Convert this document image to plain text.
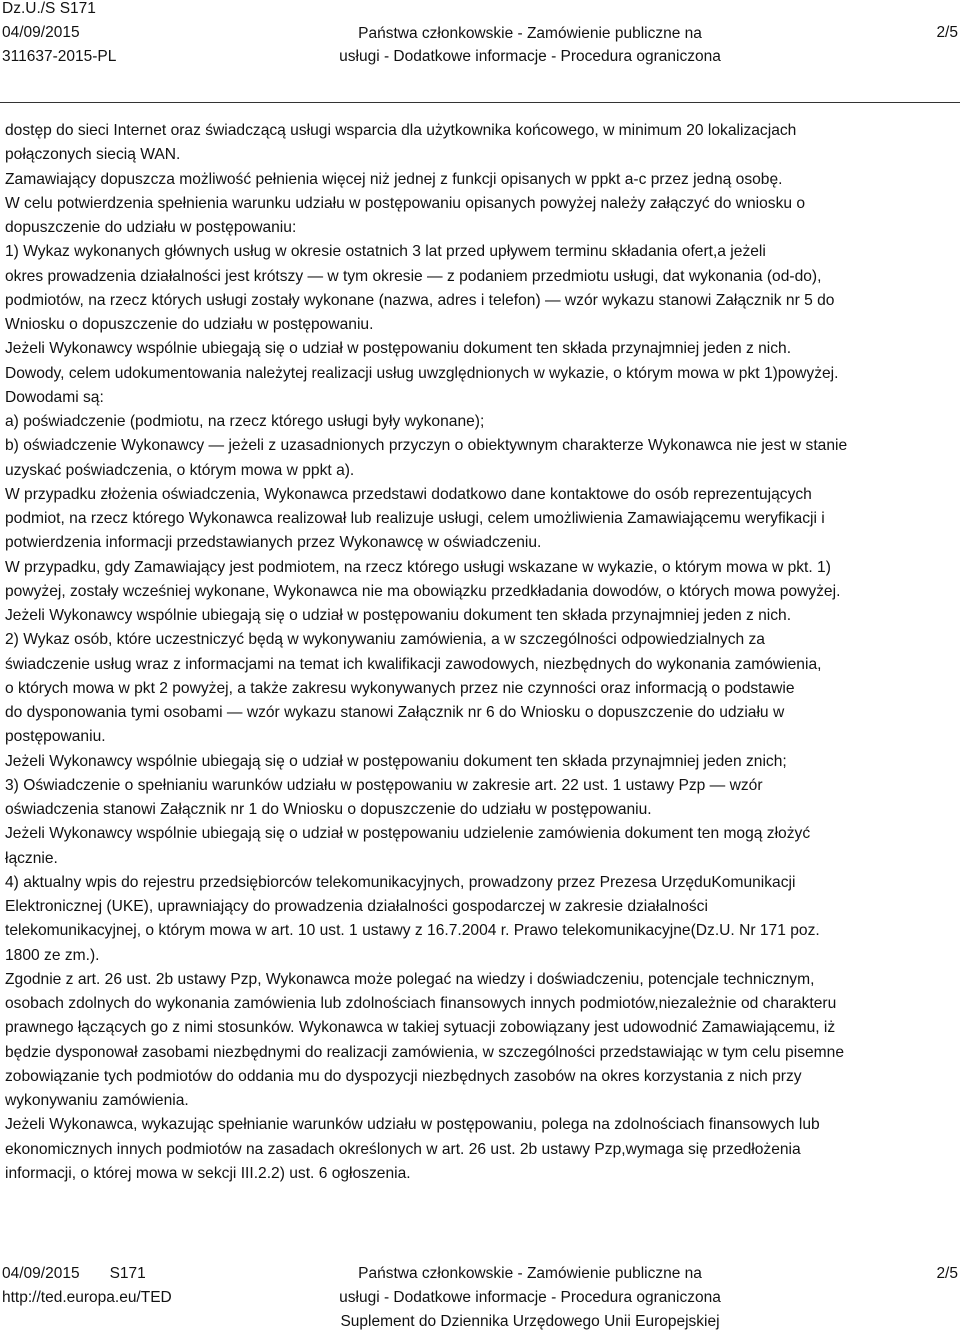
Dz.U./S S171
04/09/2015
311637-2015-PL
Państwa członkowskie - Zamówienie publiczne na
usługi - Dodatkowe informacje - Procedura ograniczona
2/5

dostęp do sieci Internet oraz świadczącą usługi wsparcia dla użytkownika końcowego, w minimum 20 lokalizacjach

połączonych siecią WAN.

Zamawiający dopuszcza możliwość pełnienia więcej niż jednej z funkcji opisanych w ppkt a-c przez jedną osobę.

W celu potwierdzenia spełnienia warunku udziału w postępowaniu opisanych powyżej należy załączyć do wniosku o

dopuszczenie do udziału w postępowaniu:

1) Wykaz wykonanych głównych usług w okresie ostatnich 3 lat przed upływem terminu składania ofert,a jeżeli

okres prowadzenia działalności jest krótszy — w tym okresie — z podaniem przedmiotu usługi, dat wykonania (od-do),

podmiotów, na rzecz których usługi zostały wykonane (nazwa, adres i telefon) — wzór wykazu stanowi Załącznik nr 5 do

Wniosku o dopuszczenie do udziału w postępowaniu.

Jeżeli Wykonawcy wspólnie ubiegają się o udział w postępowaniu dokument ten składa przynajmniej jeden z nich.

Dowody, celem udokumentowania należytej realizacji usług uwzględnionych w wykazie, o którym mowa w pkt 1)powyżej.

Dowodami są:

a) poświadczenie (podmiotu, na rzecz którego usługi były wykonane);

b) oświadczenie Wykonawcy — jeżeli z uzasadnionych przyczyn o obiektywnym charakterze Wykonawca nie jest w stanie

uzyskać poświadczenia, o którym mowa w ppkt a).

W przypadku złożenia oświadczenia, Wykonawca przedstawi dodatkowo dane kontaktowe do osób reprezentujących

podmiot, na rzecz którego Wykonawca realizował lub realizuje usługi, celem umożliwienia Zamawiającemu weryfikacji i

potwierdzenia informacji przedstawianych przez Wykonawcę w oświadczeniu.

W przypadku, gdy Zamawiający jest podmiotem, na rzecz którego usługi wskazane w wykazie, o którym mowa w pkt. 1)

powyżej, zostały wcześniej wykonane, Wykonawca nie ma obowiązku przedkładania dowodów, o których mowa powyżej.

Jeżeli Wykonawcy wspólnie ubiegają się o udział w postępowaniu dokument ten składa przynajmniej jeden z nich.

2) Wykaz osób, które uczestniczyć będą w wykonywaniu zamówienia, a w szczególności odpowiedzialnych za

świadczenie usług wraz z informacjami na temat ich kwalifikacji zawodowych, niezbędnych do wykonania zamówienia,

o których mowa w pkt 2 powyżej, a także zakresu wykonywanych przez nie czynności oraz informacją o podstawie

do dysponowania tymi osobami — wzór wykazu stanowi Załącznik nr 6 do Wniosku o dopuszczenie do udziału w

postępowaniu.

Jeżeli Wykonawcy wspólnie ubiegają się o udział w postępowaniu dokument ten składa przynajmniej jeden znich;

3) Oświadczenie o spełnianiu warunków udziału w postępowaniu w zakresie art. 22 ust. 1 ustawy Pzp — wzór

oświadczenia stanowi Załącznik nr 1 do Wniosku o dopuszczenie do udziału w postępowaniu.

Jeżeli Wykonawcy wspólnie ubiegają się o udział w postępowaniu udzielenie zamówienia dokument ten mogą złożyć

łącznie.

4) aktualny wpis do rejestru przedsiębiorców telekomunikacyjnych, prowadzony przez Prezesa UrzęduKomunikacji

Elektronicznej (UKE), uprawniający do prowadzenia działalności gospodarczej w zakresie działalności

telekomunikacyjnej, o którym mowa w art. 10 ust. 1 ustawy z 16.7.2004 r. Prawo telekomunikacyjne(Dz.U. Nr 171 poz.

1800 ze zm.).

Zgodnie z art. 26 ust. 2b ustawy Pzp, Wykonawca może polegać na wiedzy i doświadczeniu, potencjale technicznym,

osobach zdolnych do wykonania zamówienia lub zdolnościach finansowych innych podmiotów,niezależnie od charakteru

prawnego łączących go z nimi stosunków. Wykonawca w takiej sytuacji zobowiązany jest udowodnić Zamawiającemu, iż

będzie dysponował zasobami niezbędnymi do realizacji zamówienia, w szczególności przedstawiając w tym celu pisemne

zobowiązanie tych podmiotów do oddania mu do dyspozycji niezbędnych zasobów na okres korzystania z nich przy

wykonywaniu zamówienia.

Jeżeli Wykonawca, wykazując spełnianie warunków udziału w postępowaniu, polega na zdolnościach finansowych lub

ekonomicznych innych podmiotów na zasadach określonych w art. 26 ust. 2b ustawy Pzp,wymaga się przedłożenia

informacji, o której mowa w sekcji III.2.2) ust. 6 ogłoszenia.

04/09/2015 S171
http://ted.europa.eu/TED
Państwa członkowskie - Zamówienie publiczne na
usługi - Dodatkowe informacje - Procedura ograniczona
Suplement do Dziennika Urzędowego Unii Europejskiej
2/5
